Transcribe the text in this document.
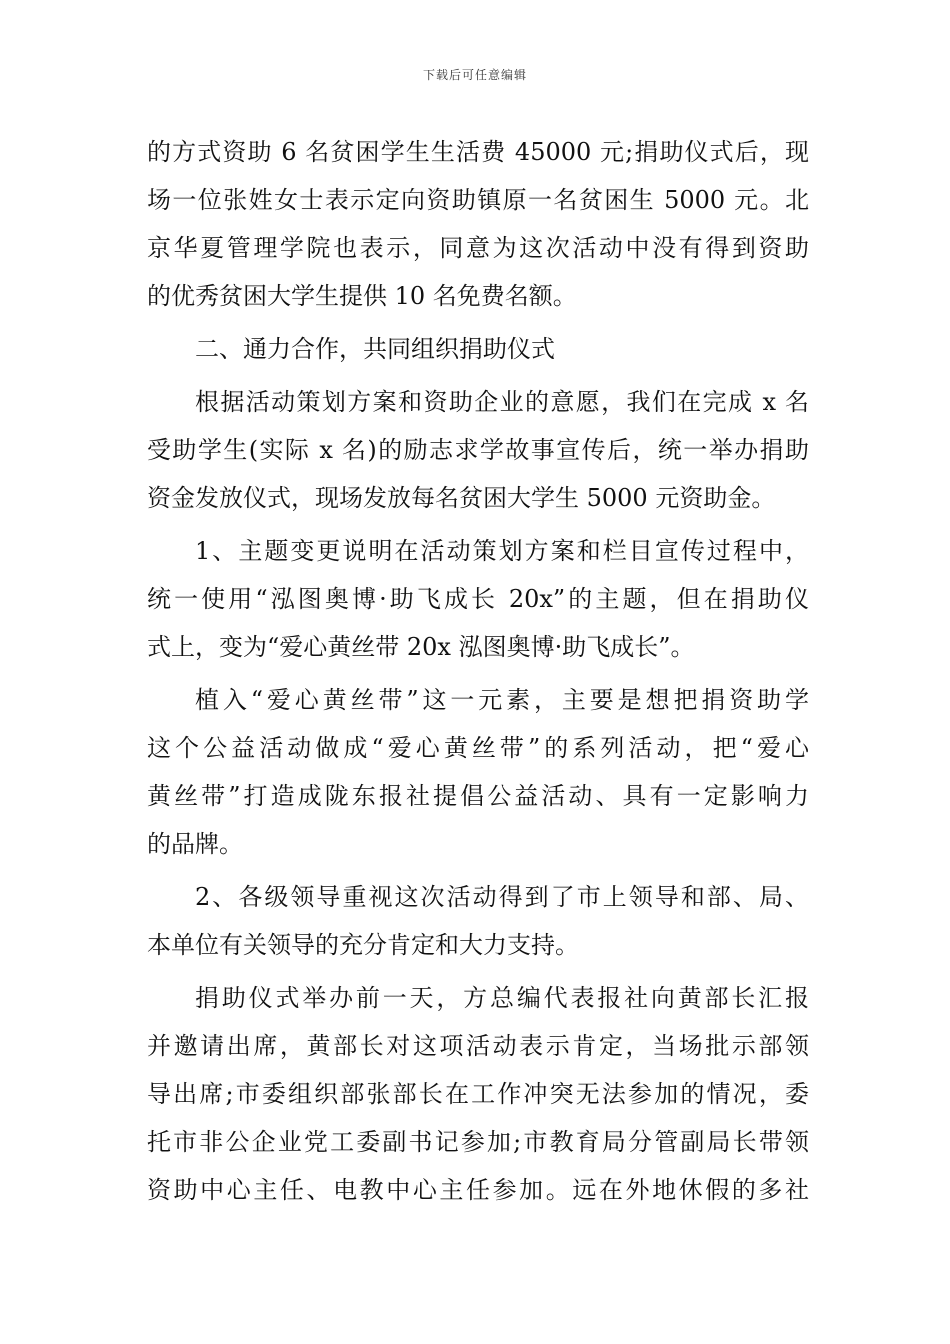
下载后可任意编辑
的方式资助 6 名贫困学生生活费 45000 元;捐助仪式后，现
场一位张姓女士表示定向资助镇原一名贫困生 5000 元。北
京华夏管理学院也表示，同意为这次活动中没有得到资助
的优秀贫困大学生提供 10 名免费名额。
二、通力合作，共同组织捐助仪式
根据活动策划方案和资助企业的意愿，我们在完成 x 名
受助学生(实际 x 名)的励志求学故事宣传后，统一举办捐助
资金发放仪式，现场发放每名贫困大学生 5000 元资助金。
1、主题变更说明在活动策划方案和栏目宣传过程中，
统一使用“泓图奥博·助飞成长 20x”的主题，但在捐助仪
式上，变为“爱心黄丝带 20x 泓图奥博·助飞成长”。
植入“爱心黄丝带”这一元素，主要是想把捐资助学
这个公益活动做成“爱心黄丝带”的系列活动，把“爱心
黄丝带”打造成陇东报社提倡公益活动、具有一定影响力
的品牌。
2、各级领导重视这次活动得到了市上领导和部、局、
本单位有关领导的充分肯定和大力支持。
捐助仪式举办前一天，方总编代表报社向黄部长汇报
并邀请出席，黄部长对这项活动表示肯定，当场批示部领
导出席;市委组织部张部长在工作冲突无法参加的情况，委
托市非公企业党工委副书记参加;市教育局分管副局长带领
资助中心主任、电教中心主任参加。远在外地休假的多社
